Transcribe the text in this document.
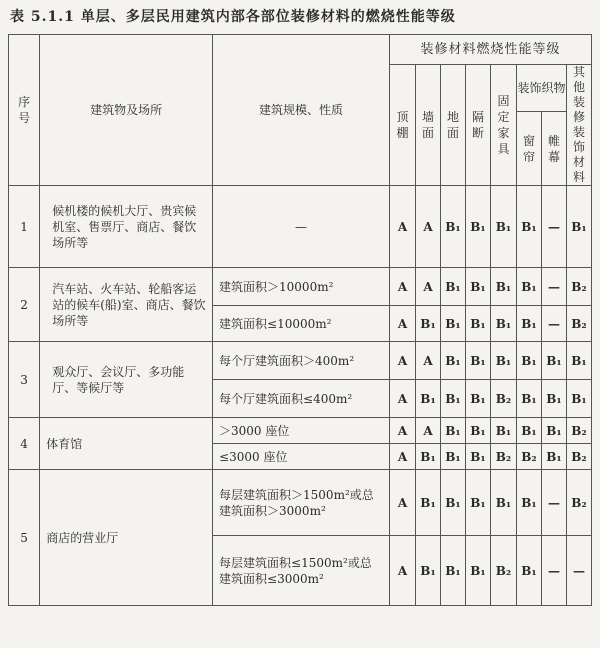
表 5.1.1 单层、多层民用建筑内部各部位装修材料的燃烧性能等级
序号	建筑物及场所	建筑规模、性质	装修材料燃烧性能等级							
			顶棚	墙面	地面	隔断	固定家具	装饰织物		其他装修装饰材料
								窗帘	帷幕	
1	候机楼的候机大厅、贵宾候机室、售票厅、商店、餐饮场所等	—	A	A	B₁	B₁	B₁	B₁	—	B₁
2	汽车站、火车站、轮船客运站的候车(船)室、商店、餐饮场所等	建筑面积＞10000m²	A	A	B₁	B₁	B₁	B₁	—	B₂
		建筑面积≤10000m²	A	B₁	B₁	B₁	B₁	B₁	—	B₂
3	观众厅、会议厅、多功能厅、等候厅等	每个厅建筑面积＞400m²	A	A	B₁	B₁	B₁	B₁	B₁	B₁
		每个厅建筑面积≤400m²	A	B₁	B₁	B₁	B₂	B₁	B₁	B₁
4	体育馆	＞3000 座位	A	A	B₁	B₁	B₁	B₁	B₁	B₂
		≤3000 座位	A	B₁	B₁	B₁	B₂	B₂	B₁	B₂
5	商店的营业厅	每层建筑面积＞1500m²或总建筑面积＞3000m²	A	B₁	B₁	B₁	B₁	B₁	—	B₂
		每层建筑面积≤1500m²或总建筑面积≤3000m²	A	B₁	B₁	B₁	B₂	B₁	—	—
